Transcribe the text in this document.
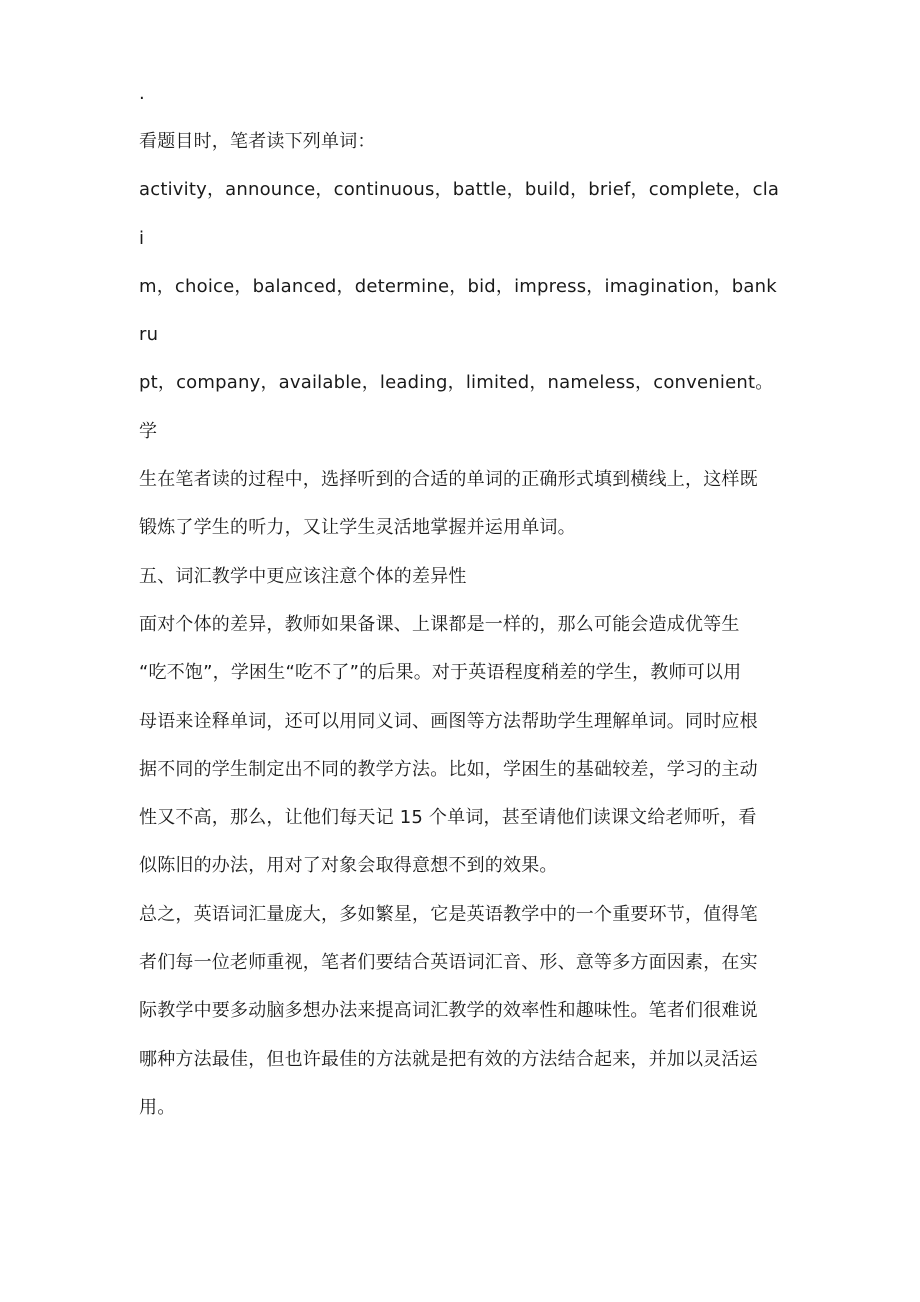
.

看题目时，笔者读下列单词：

activity，announce，continuous，battle，build，brief，complete，clai
m，choice，balanced，determine，bid，impress，imagination，bankru
pt，company，available，leading，limited，nameless，convenient。学
生在笔者读的过程中，选择听到的合适的单词的正确形式填到横线上，这样既
锻炼了学生的听力，又让学生灵活地掌握并运用单词。

五、词汇教学中更应该注意个体的差异性

面对个体的差异，教师如果备课、上课都是一样的，那么可能会造成优等生
“吃不饱”，学困生“吃不了”的后果。对于英语程度稍差的学生，教师可以用
母语来诠释单词，还可以用同义词、画图等方法帮助学生理解单词。同时应根
据不同的学生制定出不同的教学方法。比如，学困生的基础较差，学习的主动
性又不高，那么，让他们每天记 15 个单词，甚至请他们读课文给老师听，看
似陈旧的办法，用对了对象会取得意想不到的效果。

总之，英语词汇量庞大，多如繁星，它是英语教学中的一个重要环节，值得笔
者们每一位老师重视，笔者们要结合英语词汇音、形、意等多方面因素，在实
际教学中要多动脑多想办法来提高词汇教学的效率性和趣味性。笔者们很难说
哪种方法最佳，但也许最佳的方法就是把有效的方法结合起来，并加以灵活运
用。
